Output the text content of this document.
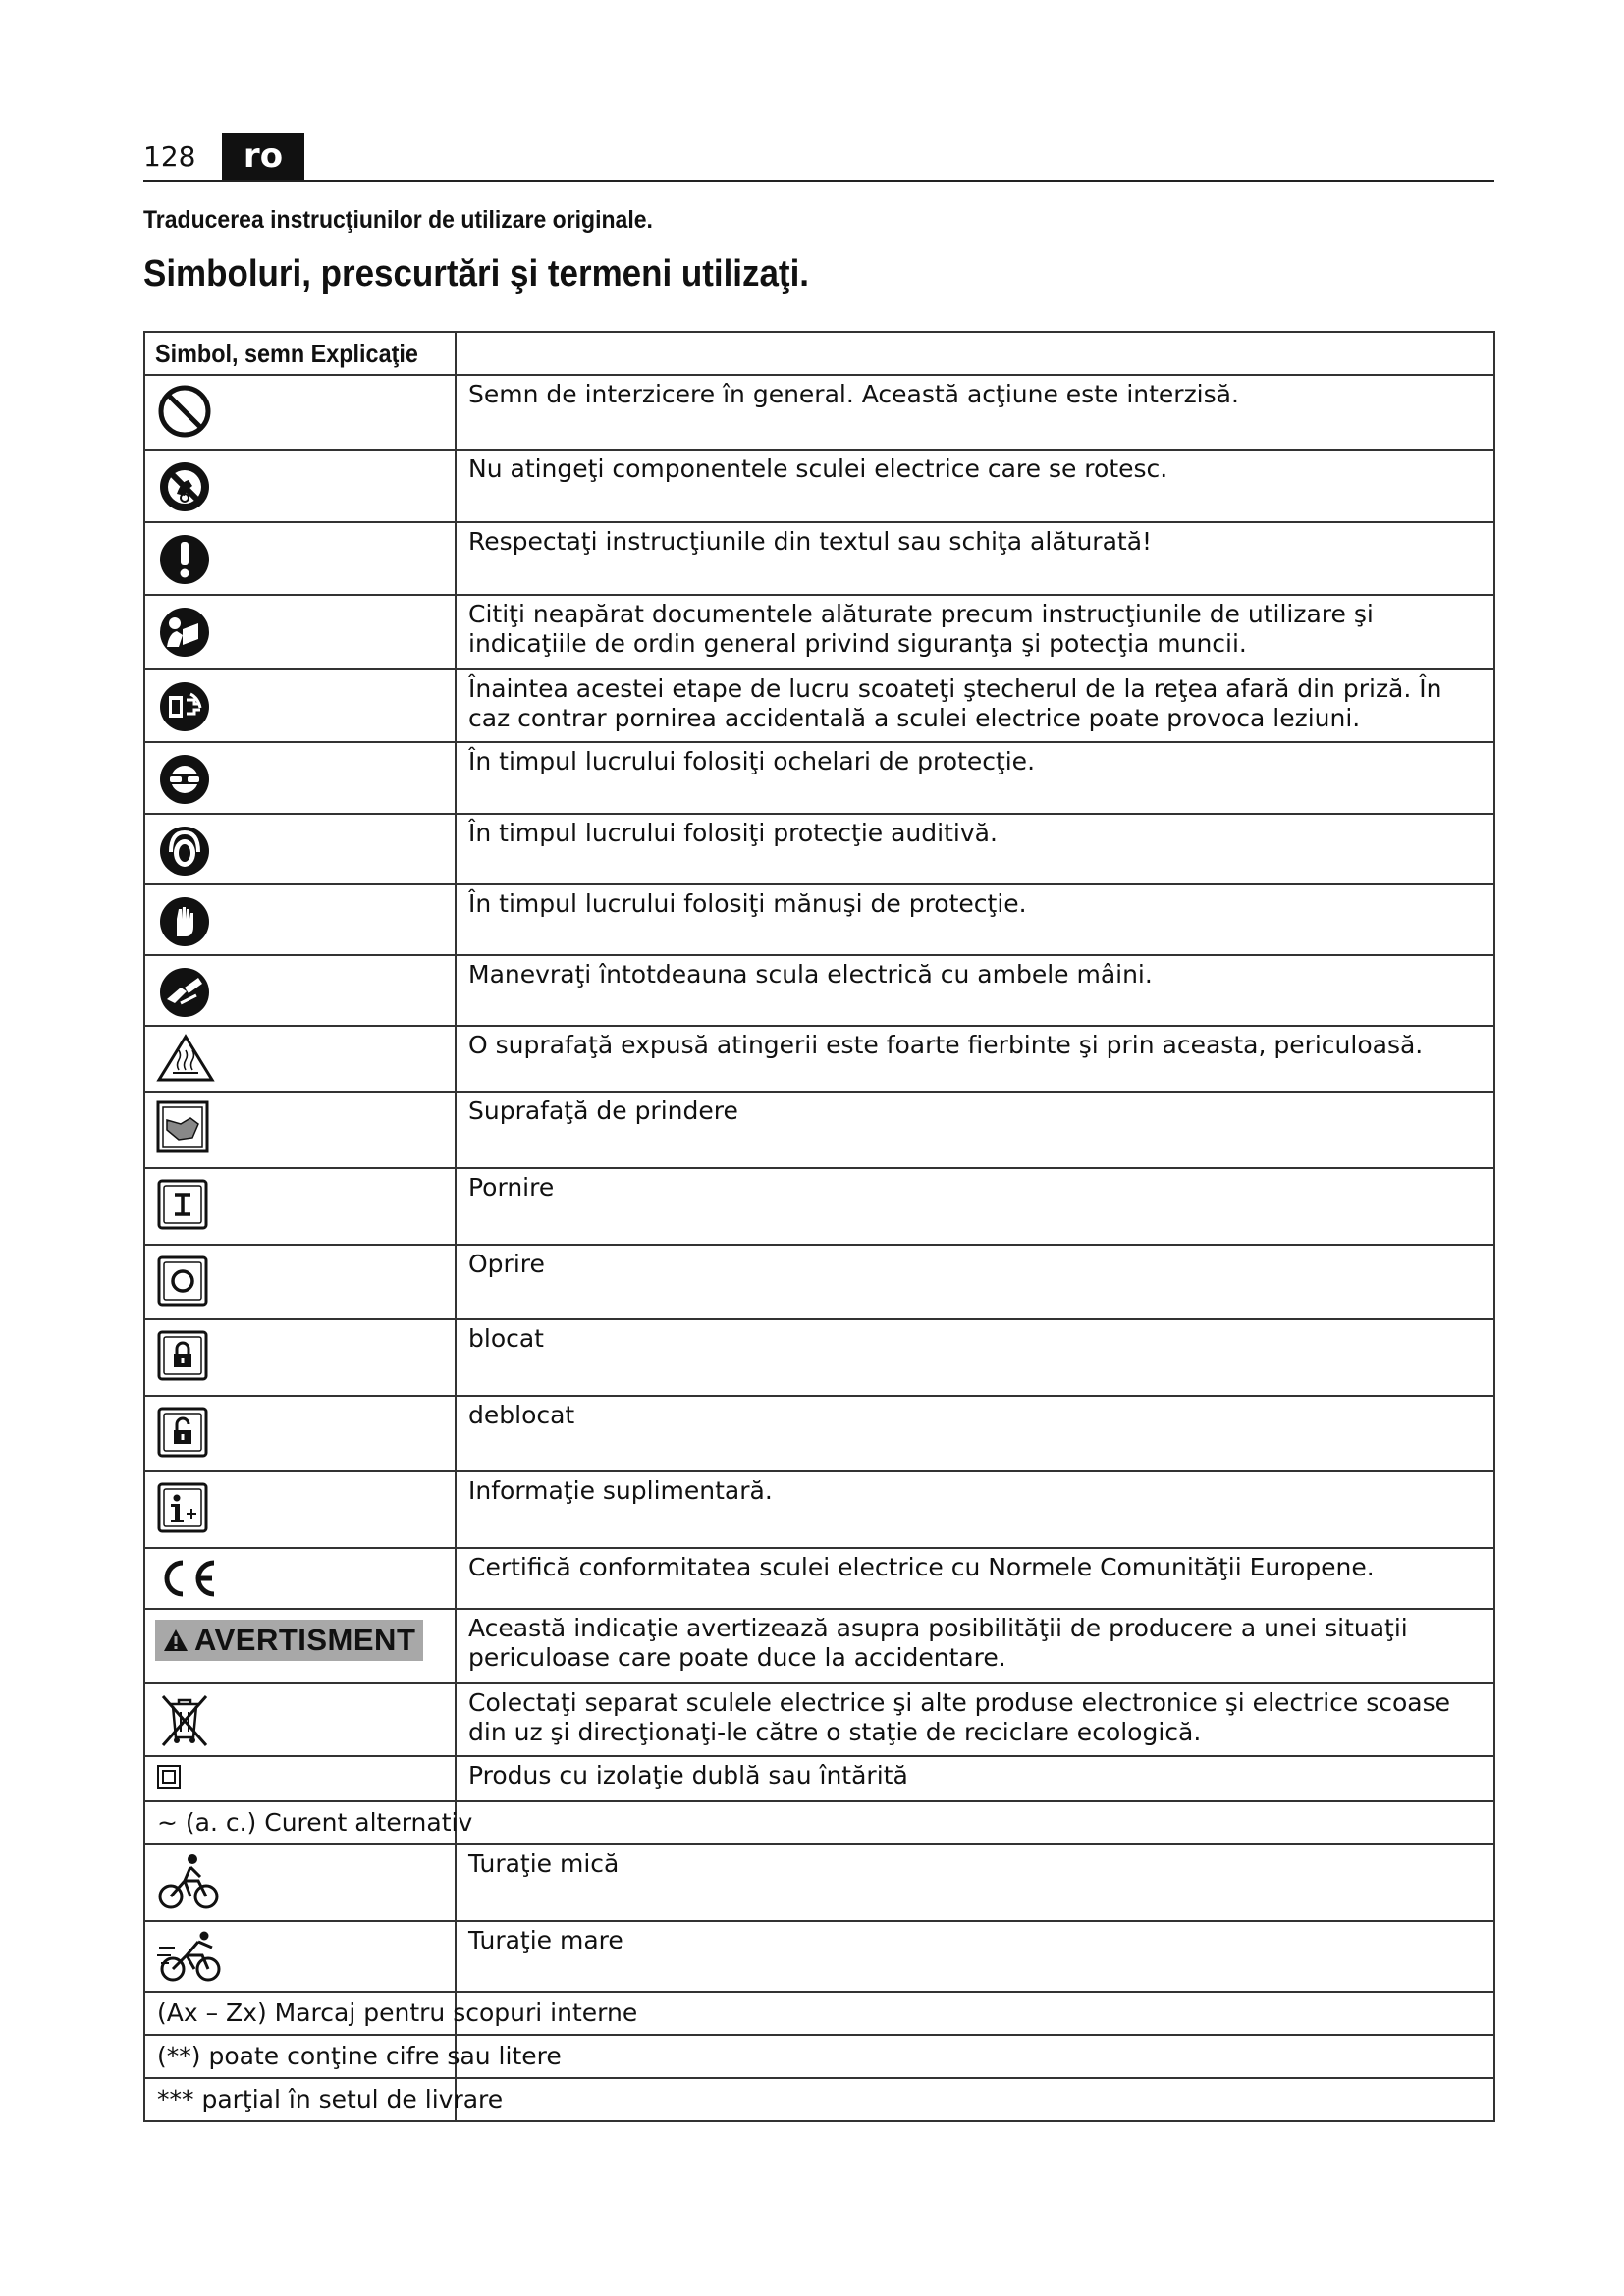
128	ro
Traducerea instrucţiunilor de utilizare originale.
Simboluri, prescurtări şi termeni utilizaţi.
Simbol, semn Explicaţie	

	Semn de interzicere în general. Această acţiune este interzisă.

	Nu atingeţi componentele sculei electrice care se rotesc.

	Respectaţi instrucţiunile din textul sau schiţa alăturată!

	Citiţi neapărat documentele alăturate precum instrucţiunile de utilizare şi indicaţiile de ordin general privind siguranţa şi potecţia muncii.

	Înaintea acestei etape de lucru scoateţi ştecherul de la reţea afară din priză. În caz contrar pornirea accidentală a sculei electrice poate provoca leziuni.

	În timpul lucrului folosiţi ochelari de protecţie.

	În timpul lucrului folosiţi protecţie auditivă.

	În timpul lucrului folosiţi mănuşi de protecţie.

	Manevraţi întotdeauna scula electrică cu ambele mâini.

	O suprafaţă expusă atingerii este foarte fierbinte şi prin aceasta, periculoasă.

	Suprafaţă de prindere

	Pornire

	Oprire

	blocat

	deblocat

	Informaţie suplimentară.

	Certifică conformitatea sculei electrice cu Normele Comunităţii Europene.

AVERTISMENT	Această indicaţie avertizează asupra posibilităţii de producere a unei situaţii periculoase care poate duce la accidentare.

	Colectaţi separat sculele electrice şi alte produse electronice şi electrice scoase din uz şi direcţionaţi-le către o staţie de reciclare ecologică.

	Produs cu izolaţie dublă sau întărită
~ (a. c.) Curent alternativ	

	Turaţie mică

	Turaţie mare
(Ax – Zx) Marcaj pentru scopuri interne	
(**) poate conţine cifre sau litere	
*** parţial în setul de livrare	
